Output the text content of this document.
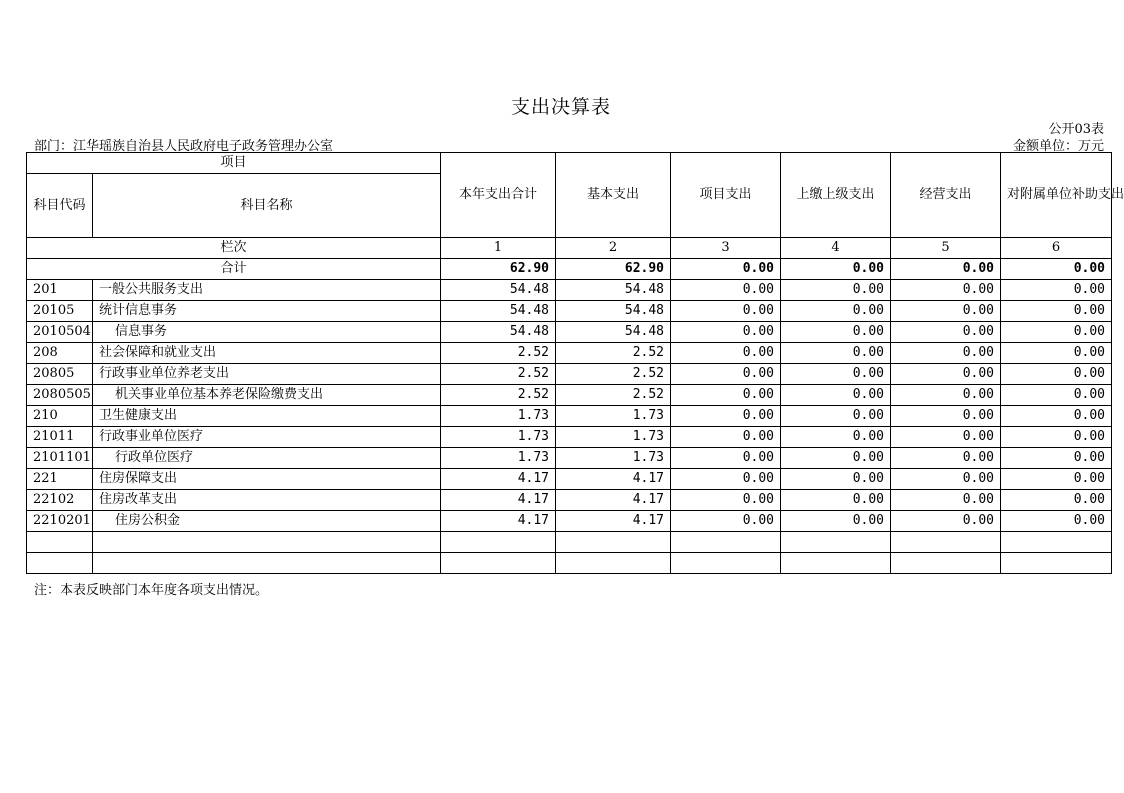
支出决算表
公开03表
部门：江华瑶族自治县人民政府电子政务管理办公室	金额单位：万元
项目		本年支出合计	基本支出	项目支出	上缴上级支出	经营支出	对附属单位补助支出
科目代码	科目名称						
栏次		1	2	3	4	5	6
合计		62.90	62.90	0.00	0.00	0.00	0.00
201	一般公共服务支出	54.48	54.48	0.00	0.00	0.00	0.00
20105	统计信息事务	54.48	54.48	0.00	0.00	0.00	0.00
2010504	信息事务	54.48	54.48	0.00	0.00	0.00	0.00
208	社会保障和就业支出	2.52	2.52	0.00	0.00	0.00	0.00
20805	行政事业单位养老支出	2.52	2.52	0.00	0.00	0.00	0.00
2080505	机关事业单位基本养老保险缴费支出	2.52	2.52	0.00	0.00	0.00	0.00
210	卫生健康支出	1.73	1.73	0.00	0.00	0.00	0.00
21011	行政事业单位医疗	1.73	1.73	0.00	0.00	0.00	0.00
2101101	行政单位医疗	1.73	1.73	0.00	0.00	0.00	0.00
221	住房保障支出	4.17	4.17	0.00	0.00	0.00	0.00
22102	住房改革支出	4.17	4.17	0.00	0.00	0.00	0.00
2210201	住房公积金	4.17	4.17	0.00	0.00	0.00	0.00

注：本表反映部门本年度各项支出情况。
